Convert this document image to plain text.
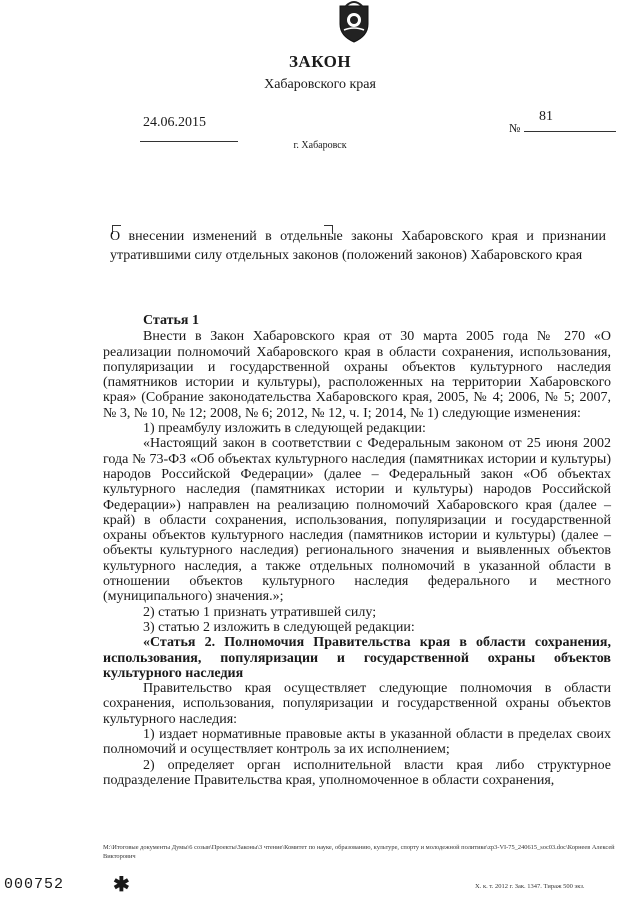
ЗАКОН
Хабаровского края
24.06.2015	№
81
г. Хабаровск
О внесении изменений в отдельные законы Хабаровского края и признании утратившими силу отдельных законов (положений законов) Хабаровского края

Статья 1

Внести в Закон Хабаровского края от 30 марта 2005 года № 270 «О реализации полномочий Хабаровского края в области сохранения, использования, популяризации и государственной охраны объектов культурного наследия (памятников истории и культуры), расположенных на территории Хабаровского края» (Собрание законодательства Хабаровского края, 2005, № 4; 2006, № 5; 2007, № 3, № 10, № 12; 2008, № 6; 2012, № 12, ч. I; 2014, № 1) следующие изменения:

1) преамбулу изложить в следующей редакции:

«Настоящий закон в соответствии с Федеральным законом от 25 июня 2002 года № 73-ФЗ «Об объектах культурного наследия (памятниках истории и культуры) народов Российской Федерации» (далее – Федеральный закон «Об объектах культурного наследия (памятниках истории и культуры) народов Российской Федерации») направлен на реализацию полномочий Хабаровского края (далее – край) в области сохранения, использования, популяризации и государственной охраны объектов культурного наследия (памятников истории и культуры) (далее – объекты культурного наследия) регионального значения и выявленных объектов культурного наследия, а также отдельных полномочий в указанной области в отношении объектов культурного наследия федерального и местного (муниципального) значения.»;

2) статью 1 признать утратившей силу;

3) статью 2 изложить в следующей редакции:

«Статья 2. Полномочия Правительства края в области сохранения, использования, популяризации и государственной охраны объектов культурного наследия

Правительство края осуществляет следующие полномочия в области сохранения, использования, популяризации и государственной охраны объектов культурного наследия:

1) издает нормативные правовые акты в указанной области в пределах своих полномочий и осуществляет контроль за их исполнением;

2) определяет орган исполнительной власти края либо структурное подразделение Правительства края, уполномоченное в области сохранения,

М:\Итоговые документы Думы\6 созыв\Проекты\Законы\3 чтение\Комитет по науке, образованию, культуре, спорту и молодежной политике\zp3-VI-75_240615_soc03.doc\Корнеев Алексей Викторович
000752 ✱	Х. к. т. 2012 г. Зак. 1347. Тираж 500 экз.
